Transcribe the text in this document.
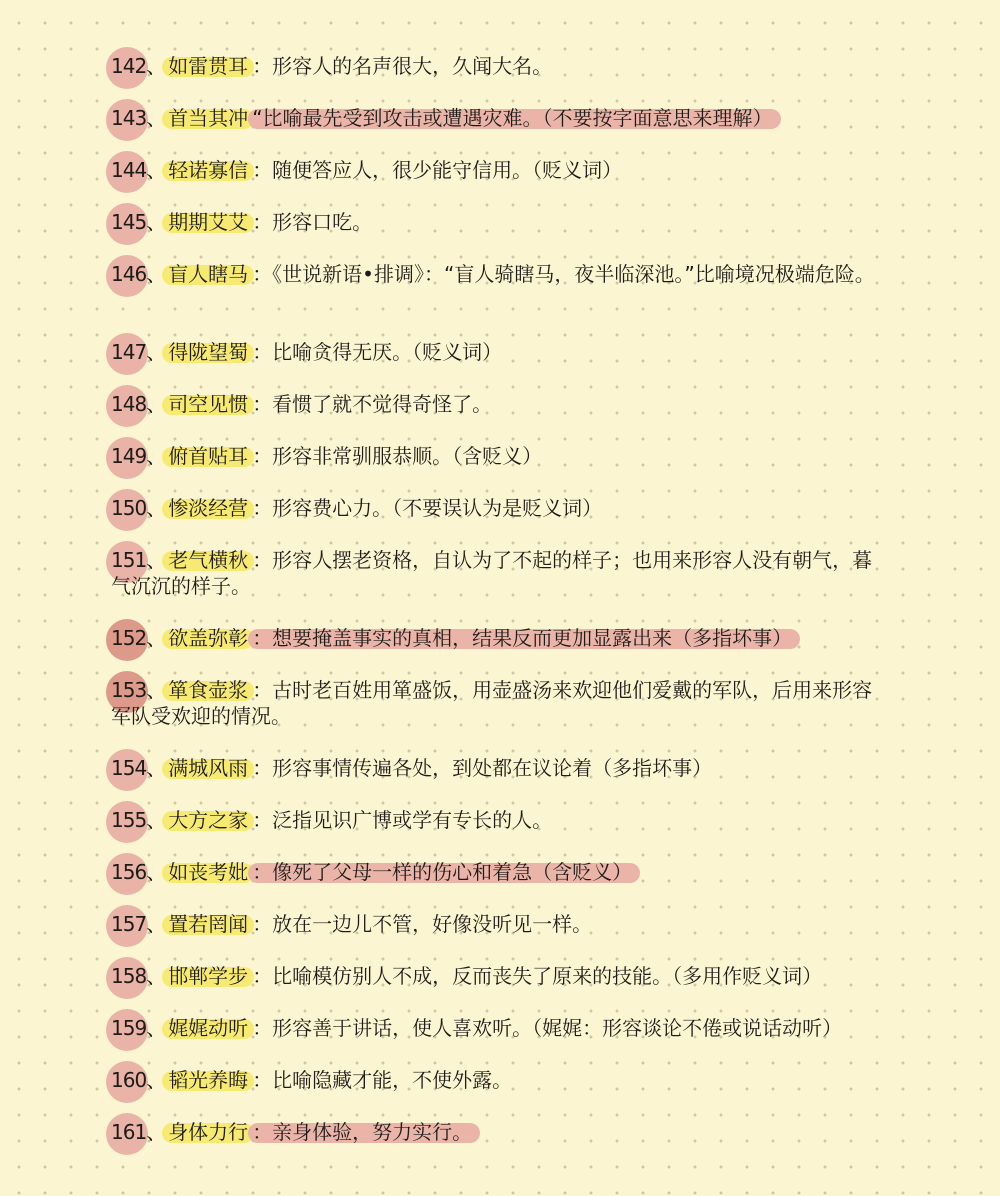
142、 如雷贯耳 ：形容人的名声很大，久闻大名。
143、 首当其冲 “比喻最先受到攻击或遭遇灾难。（不要按字面意思来理解）
144、 轻诺寡信 ：随便答应人，很少能守信用。（贬义词）
145、 期期艾艾 ：形容口吃。
146、 盲人瞎马 ：《世说新语•排调》：“盲人骑瞎马，夜半临深池。”比喻境况极端危险。
147、 得陇望蜀 ：比喻贪得无厌。（贬义词）
148、 司空见惯 ：看惯了就不觉得奇怪了。
149、 俯首贴耳 ：形容非常驯服恭顺。（含贬义）
150、 惨淡经营 ：形容费心力。（不要误认为是贬义词）
151、 老气横秋 ：形容人摆老资格，自认为了不起的样子；也用来形容人没有朝气，暮气沉沉的样子。
152、 欲盖弥彰 ：想要掩盖事实的真相，结果反而更加显露出来（多指坏事）
153、 箪食壶浆 ：古时老百姓用箪盛饭，用壶盛汤来欢迎他们爱戴的军队，后用来形容军队受欢迎的情况。
154、 满城风雨 ：形容事情传遍各处，到处都在议论着（多指坏事）
155、 大方之家 ：泛指见识广博或学有专长的人。
156、 如丧考妣 ：像死了父母一样的伤心和着急（含贬义）
157、 置若罔闻 ：放在一边儿不管，好像没听见一样。
158、 邯郸学步 ：比喻模仿别人不成，反而丧失了原来的技能。（多用作贬义词）
159、 娓娓动听 ：形容善于讲话，使人喜欢听。（娓娓：形容谈论不倦或说话动听）
160、 韬光养晦 ：比喻隐藏才能，不使外露。
161、 身体力行 ：亲身体验，努力实行。
